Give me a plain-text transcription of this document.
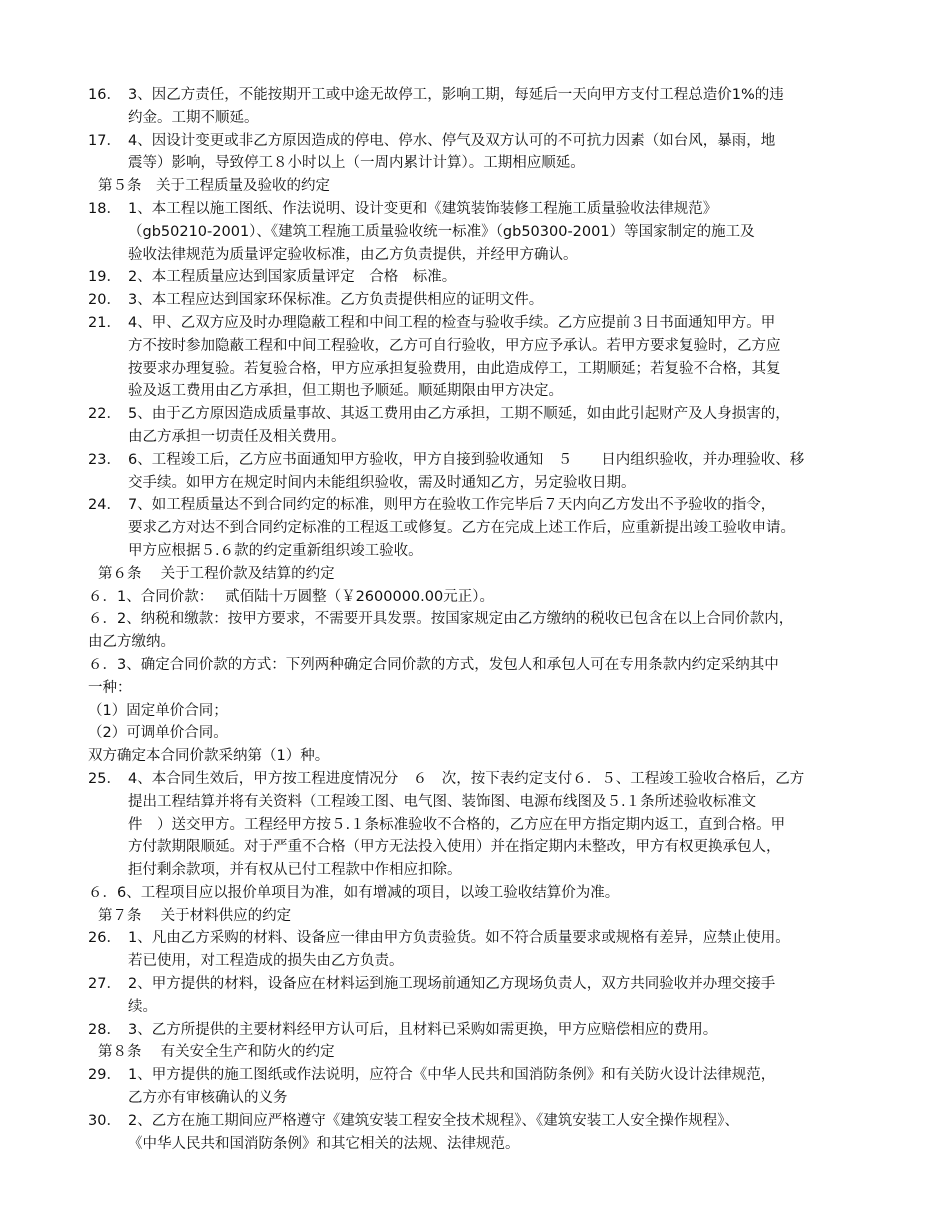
16． 3、因乙方责任，不能按期开工或中途无故停工，影响工期，每延后一天向甲方支付工程总造价1%的违
约金。工期不顺延。
17． 4、因设计变更或非乙方原因造成的停电、停水、停气及双方认可的不可抗力因素（如台风，暴雨，地
震等）影响，导致停工８小时以上（一周内累计计算）。工期相应顺延。
第５条　关于工程质量及验收的约定
18． 1、本工程以施工图纸、作法说明、设计变更和《建筑装饰装修工程施工质量验收法律规范》
（gb50210-2001）、《建筑工程施工质量验收统一标准》（gb50300-2001）等国家制定的施工及
验收法律规范为质量评定验收标准，由乙方负责提供，并经甲方确认。
19． 2、本工程质量应达到国家质量评定　合格　标准。
20． 3、本工程应达到国家环保标准。乙方负责提供相应的证明文件。
21． 4、甲、乙双方应及时办理隐蔽工程和中间工程的检查与验收手续。乙方应提前３日书面通知甲方。甲
方不按时参加隐蔽工程和中间工程验收，乙方可自行验收，甲方应予承认。若甲方要求复验时，乙方应
按要求办理复验。若复验合格，甲方应承担复验费用，由此造成停工，工期顺延；若复验不合格，其复
验及返工费用由乙方承担，但工期也予顺延。顺延期限由甲方决定。
22． 5、由于乙方原因造成质量事故、其返工费用由乙方承担，工期不顺延，如由此引起财产及人身损害的，
由乙方承担一切责任及相关费用。
23． 6、工程竣工后，乙方应书面通知甲方验收，甲方自接到验收通知　５　　日内组织验收，并办理验收、移
交手续。如甲方在规定时间内未能组织验收，需及时通知乙方，另定验收日期。
24． 7、如工程质量达不到合同约定的标准，则甲方在验收工作完毕后７天内向乙方发出不予验收的指令，
要求乙方对达不到合同约定标准的工程返工或修复。乙方在完成上述工作后，应重新提出竣工验收申请。
甲方应根据５.６款的约定重新组织竣工验收。
第６条　 关于工程价款及结算的约定
６．1、合同价款：　 贰佰陆十万圆整（￥2600000.00元正）。
６．2、纳税和缴款：按甲方要求，不需要开具发票。按国家规定由乙方缴纳的税收已包含在以上合同价款内，
由乙方缴纳。
６．3、确定合同价款的方式：下列两种确定合同价款的方式，发包人和承包人可在专用条款内约定采纳其中
一种：
（1）固定单价合同；
（2）可调单价合同。
双方确定本合同价款采纳第（1）种。
25． 4、本合同生效后，甲方按工程进度情况分　６　次，按下表约定支付６．５、工程竣工验收合格后，乙方
提出工程结算并将有关资料（工程竣工图、电气图、装饰图、电源布线图及５.１条所述验收标准文
件　）送交甲方。工程经甲方按５.１条标准验收不合格的，乙方应在甲方指定期内返工，直到合格。甲
方付款期限顺延。对于严重不合格（甲方无法投入使用）并在指定期内未整改，甲方有权更换承包人，
拒付剩余款项，并有权从已付工程款中作相应扣除。
６．6、工程项目应以报价单项目为准，如有增减的项目，以竣工验收结算价为准。
第７条　 关于材料供应的约定
26． 1、凡由乙方采购的材料、设备应一律由甲方负责验货。如不符合质量要求或规格有差异，应禁止使用。
若已使用，对工程造成的损失由乙方负责。
27． 2、甲方提供的材料，设备应在材料运到施工现场前通知乙方现场负责人，双方共同验收并办理交接手
续。
28． 3、乙方所提供的主要材料经甲方认可后，且材料已采购如需更换，甲方应赔偿相应的费用。
第８条　 有关安全生产和防火的约定
29． 1、甲方提供的施工图纸或作法说明，应符合《中华人民共和国消防条例》和有关防火设计法律规范，
乙方亦有审核确认的义务
30． 2、乙方在施工期间应严格遵守《建筑安装工程安全技术规程》、《建筑安装工人安全操作规程》、
《中华人民共和国消防条例》和其它相关的法规、法律规范。
